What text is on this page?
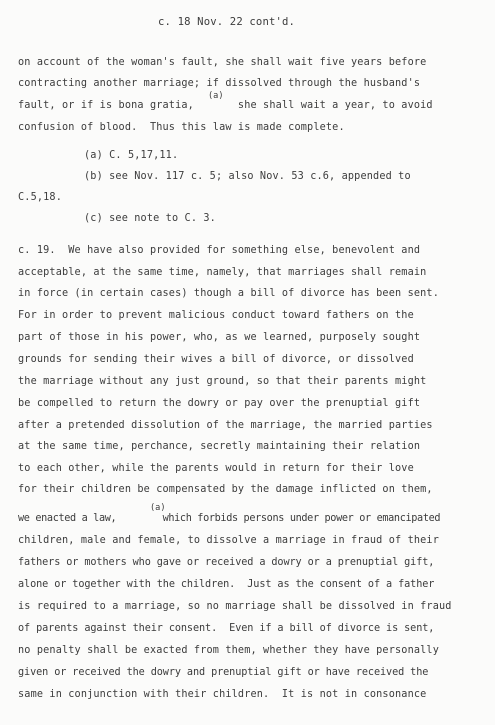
c. 18 Nov. 22 cont'd.
on account of the woman's fault, she shall wait five years before
contracting another marriage; if dissolved through the husband's
(a)
fault, or if is bona gratia,       she shall wait a year, to avoid
confusion of blood.  Thus this law is made complete.
(a) C. 5,17,11.
(b) see Nov. 117 c. 5; also Nov. 53 c.6, appended to
C.5,18.
(c) see note to C. 3.
c. 19.  We have also provided for something else, benevolent and
acceptable, at the same time, namely, that marriages shall remain
in force (in certain cases) though a bill of divorce has been sent.
For in order to prevent malicious conduct toward fathers on the
part of those in his power, who, as we learned, purposely sought
grounds for sending their wives a bill of divorce, or dissolved
the marriage without any just ground, so that their parents might
be compelled to return the dowry or pay over the prenuptial gift
after a pretended dissolution of the marriage, the married parties
at the same time, perchance, secretly maintaining their relation
to each other, while the parents would in return for their love
for their children be compensated by the damage inflicted on them,
(a)
we enacted a law,        which forbids persons under power or emancipated
children, male and female, to dissolve a marriage in fraud of their
fathers or mothers who gave or received a dowry or a prenuptial gift,
alone or together with the children.  Just as the consent of a father
is required to a marriage, so no marriage shall be dissolved in fraud
of parents against their consent.  Even if a bill of divorce is sent,
no penalty shall be exacted from them, whether they have personally
given or received the dowry and prenuptial gift or have received the
same in conjunction with their children.  It is not in consonance
